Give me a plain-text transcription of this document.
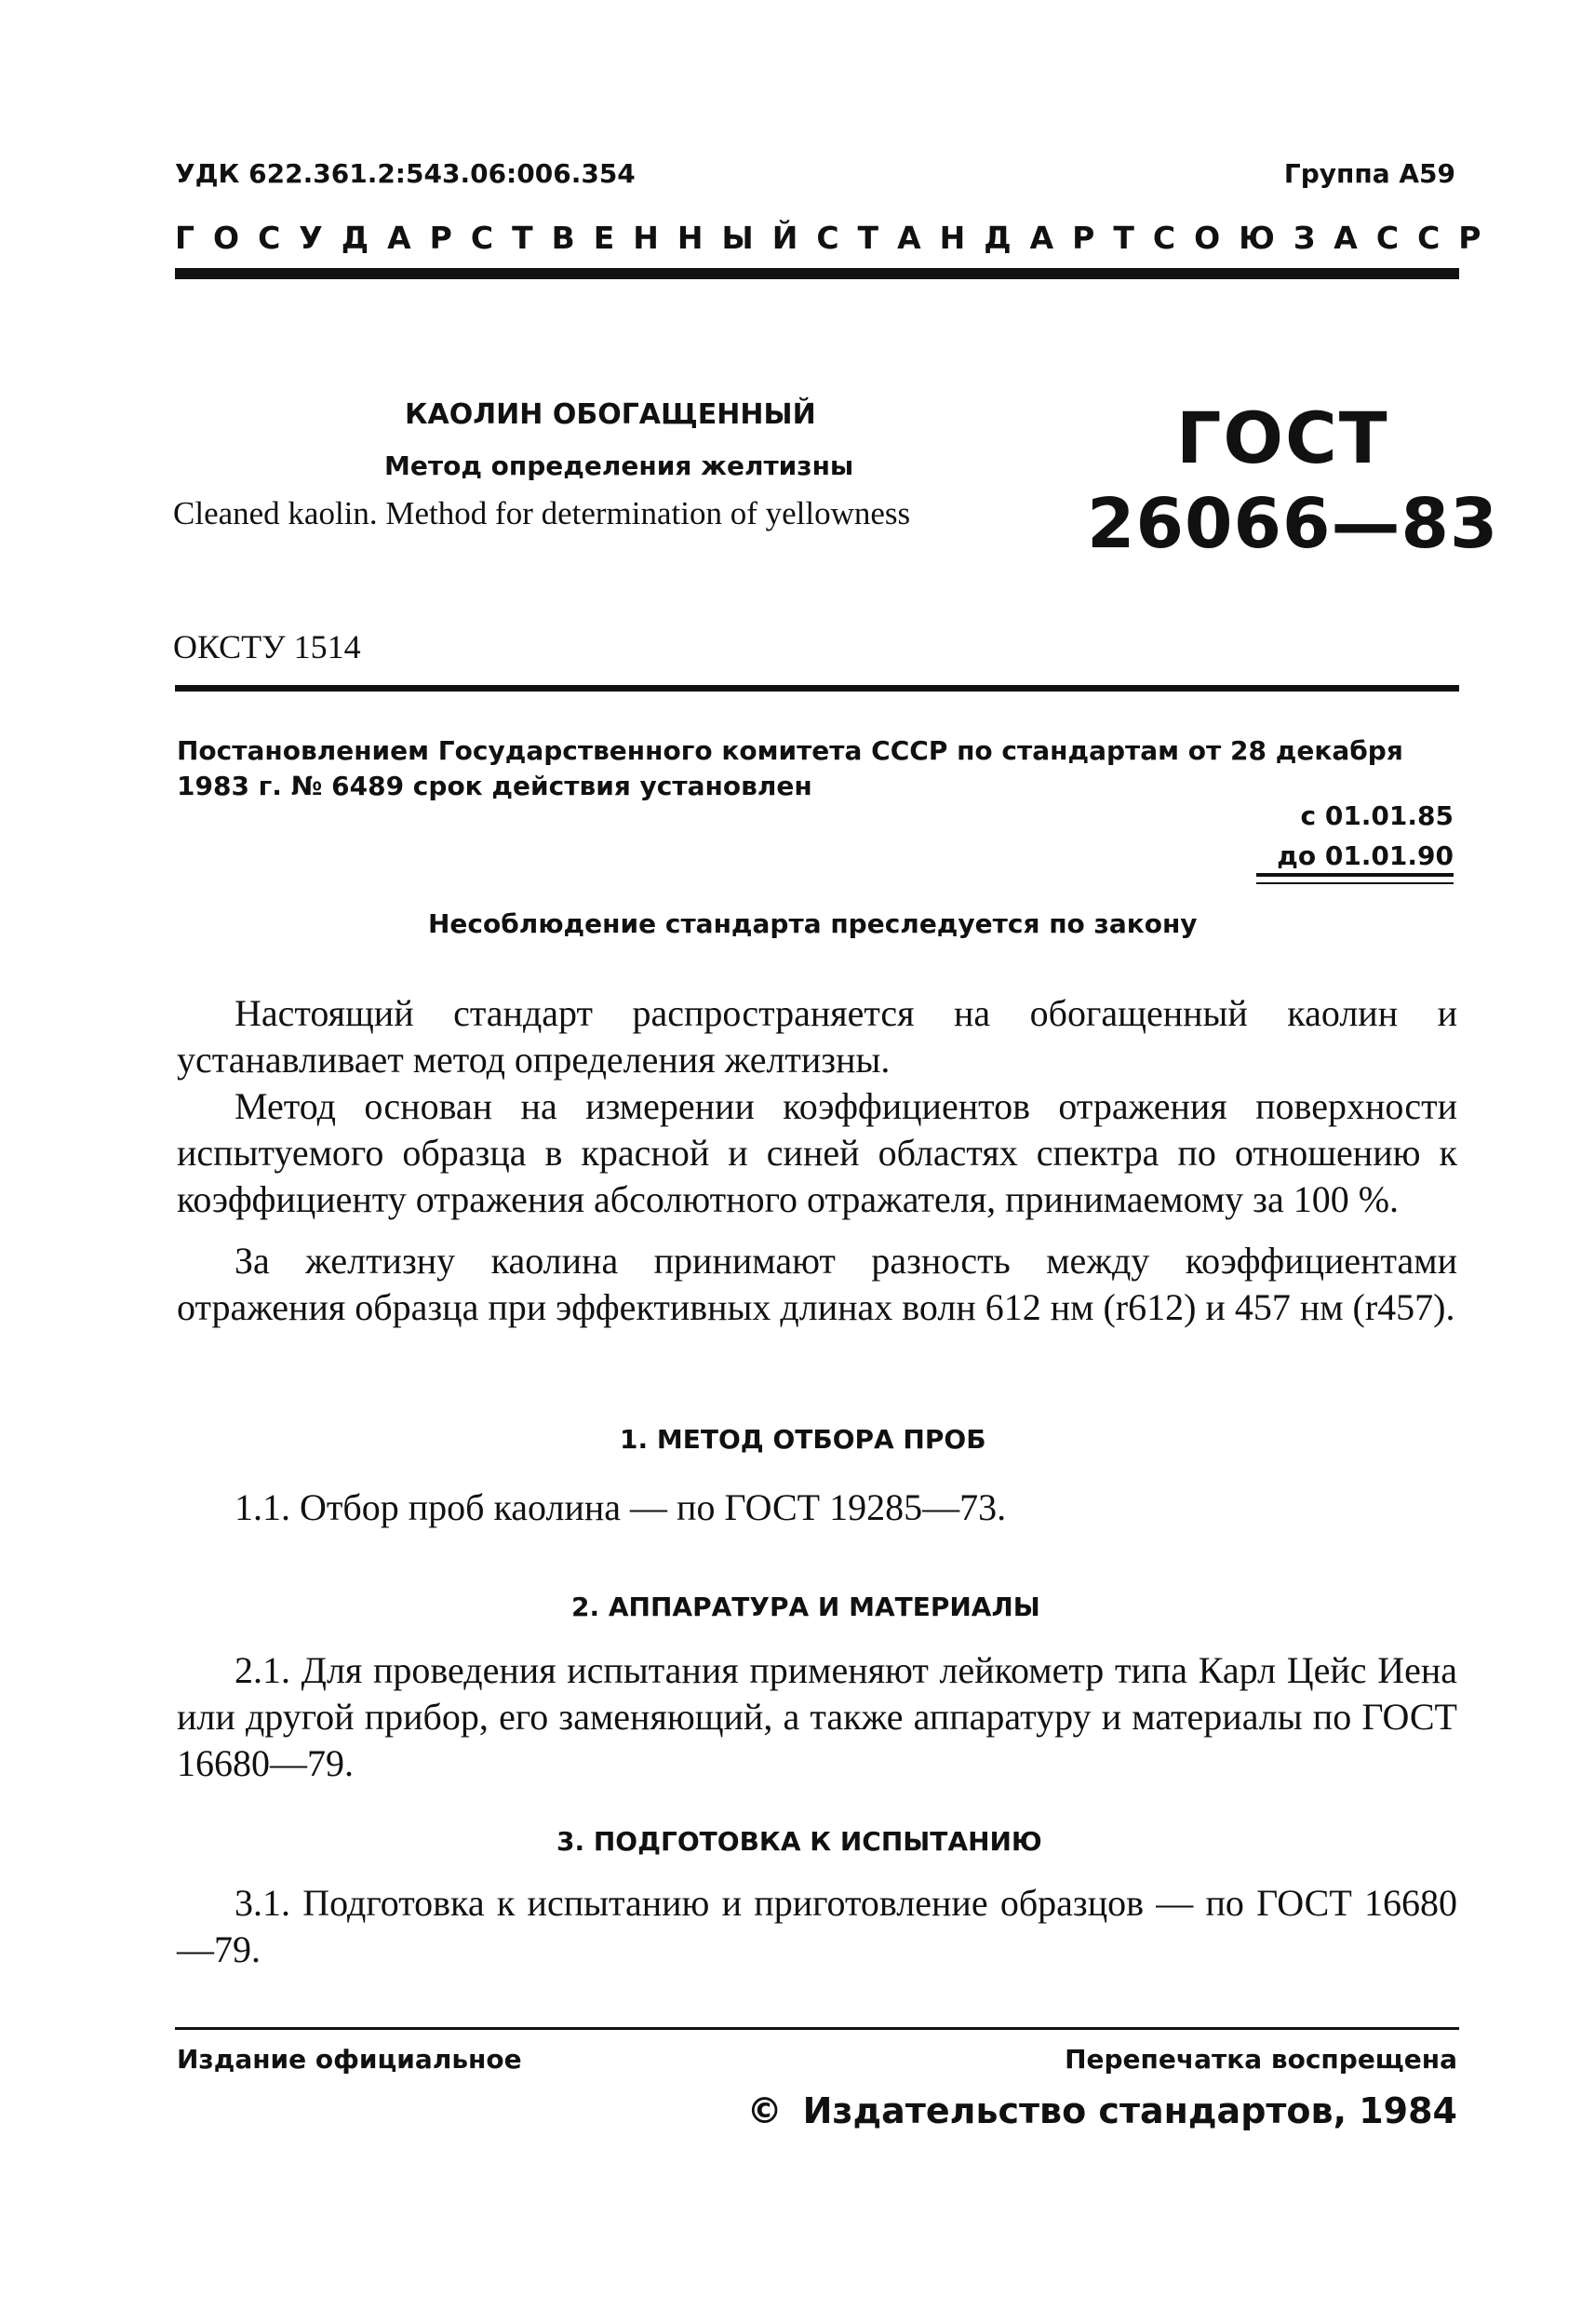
УДК 622.361.2:543.06:006.354	Группа А59
ГОСУДАРСТВЕННЫЙ СТАНДАРТ СОЮЗА ССР
КАОЛИН ОБОГАЩЕННЫЙ
Метод определения желтизны
Cleaned kaolin. Method for determination of yellowness
ГОСТ
26066—83
ОКСТУ 1514
Постановлением Государственного комитета СССР по стандартам от 28 декабря 1983 г. № 6489 срок действия установлен
с 01.01.85
до 01.01.90
Несоблюдение стандарта преследуется по закону

Настоящий стандарт распространяется на обогащенный каолин и устанавливает метод определения желтизны.

Метод основан на измерении коэффициентов отражения поверхности испытуемого образца в красной и синей областях спектра по отношению к коэффициенту отражения абсолютного отражателя, принимаемому за 100 %.

За желтизну каолина принимают разность между коэффициентами отражения образца при эффективных длинах волн 612 нм (r612) и 457 нм (r457).

1. МЕТОД ОТБОРА ПРОБ
1.1. Отбор проб каолина — по ГОСТ 19285—73.
2. АППАРАТУРА И МАТЕРИАЛЫ

2.1. Для проведения испытания применяют лейкометр типа Карл Цейс Иена или другой прибор, его заменяющий, а также аппаратуру и материалы по ГОСТ 16680—79.

3. ПОДГОТОВКА К ИСПЫТАНИЮ

3.1. Подготовка к испытанию и приготовление образцов — по ГОСТ 16680—79.

Издание официальное	Перепечатка воспрещена
© Издательство стандартов, 1984
